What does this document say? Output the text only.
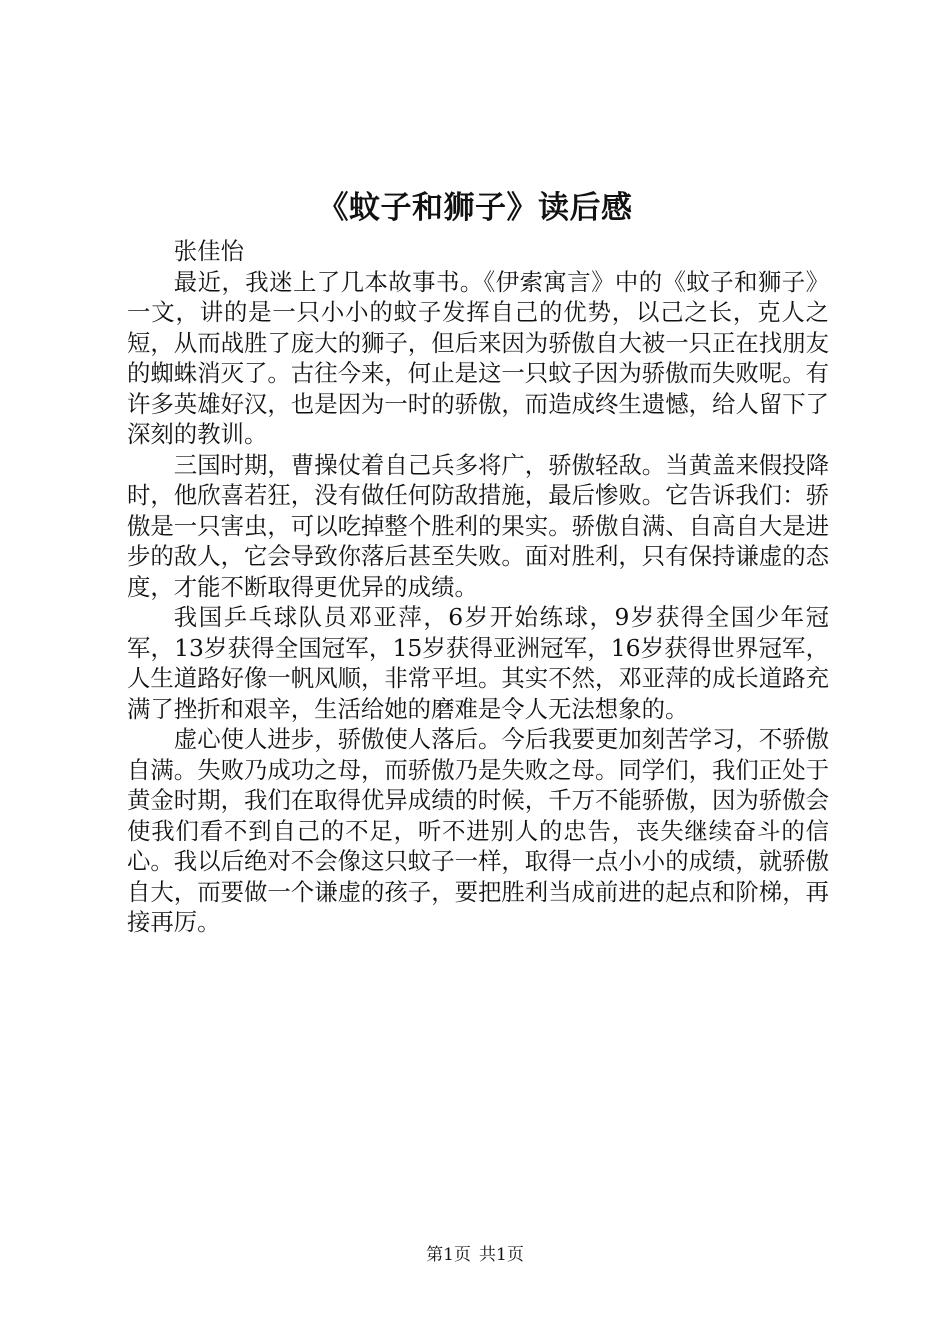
《蚊子和狮子》读后感

张佳怡

最近，我迷上了几本故事书。《伊索寓言》中的《蚊子和狮子》一文，讲的是一只小小的蚊子发挥自己的优势，以己之长，克人之短，从而战胜了庞大的狮子，但后来因为骄傲自大被一只正在找朋友的蜘蛛消灭了。古往今来，何止是这一只蚊子因为骄傲而失败呢。有许多英雄好汉，也是因为一时的骄傲，而造成终生遗憾，给人留下了深刻的教训。

三国时期，曹操仗着自己兵多将广，骄傲轻敌。当黄盖来假投降时，他欣喜若狂，没有做任何防敌措施，最后惨败。它告诉我们：骄傲是一只害虫，可以吃掉整个胜利的果实。骄傲自满、自高自大是进步的敌人，它会导致你落后甚至失败。面对胜利，只有保持谦虚的态度，才能不断取得更优异的成绩。

我国乒乓球队员邓亚萍，6岁开始练球，9岁获得全国少年冠军，13岁获得全国冠军，15岁获得亚洲冠军，16岁获得世界冠军，人生道路好像一帆风顺，非常平坦。其实不然，邓亚萍的成长道路充满了挫折和艰辛，生活给她的磨难是令人无法想象的。

虚心使人进步，骄傲使人落后。今后我要更加刻苦学习，不骄傲自满。失败乃成功之母，而骄傲乃是失败之母。同学们，我们正处于黄金时期，我们在取得优异成绩的时候，千万不能骄傲，因为骄傲会使我们看不到自己的不足，听不进别人的忠告，丧失继续奋斗的信心。我以后绝对不会像这只蚊子一样，取得一点小小的成绩，就骄傲自大，而要做一个谦虚的孩子，要把胜利当成前进的起点和阶梯，再接再厉。

第1页 共1页
